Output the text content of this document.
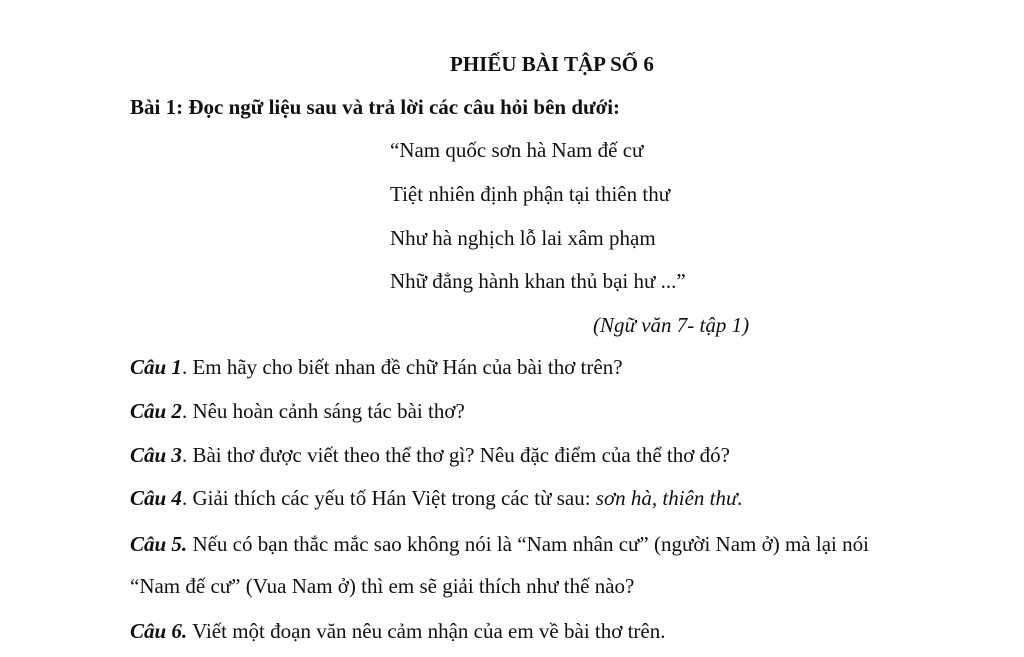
PHIẾU BÀI TẬP SỐ 6
Bài 1: Đọc ngữ liệu sau và trả lời các câu hỏi bên dưới:
“Nam quốc sơn hà Nam đế cư
Tiệt nhiên định phận tại thiên thư
Như hà nghịch lỗ lai xâm phạm
Nhữ đẳng hành khan thủ bại hư ...”
(Ngữ văn 7- tập 1)
Câu 1. Em hãy cho biết nhan đề chữ Hán của bài thơ trên?
Câu 2. Nêu hoàn cảnh sáng tác bài thơ?
Câu 3. Bài thơ được viết theo thể thơ gì? Nêu đặc điểm của thể thơ đó?
Câu 4. Giải thích các yếu tố Hán Việt trong các từ sau: sơn hà, thiên thư.
Câu 5. Nếu có bạn thắc mắc sao không nói là “Nam nhân cư” (người Nam ở) mà lại nói
“Nam đế cư” (Vua Nam ở) thì em sẽ giải thích như thế nào?
Câu 6. Viết một đoạn văn nêu cảm nhận của em về bài thơ trên.
